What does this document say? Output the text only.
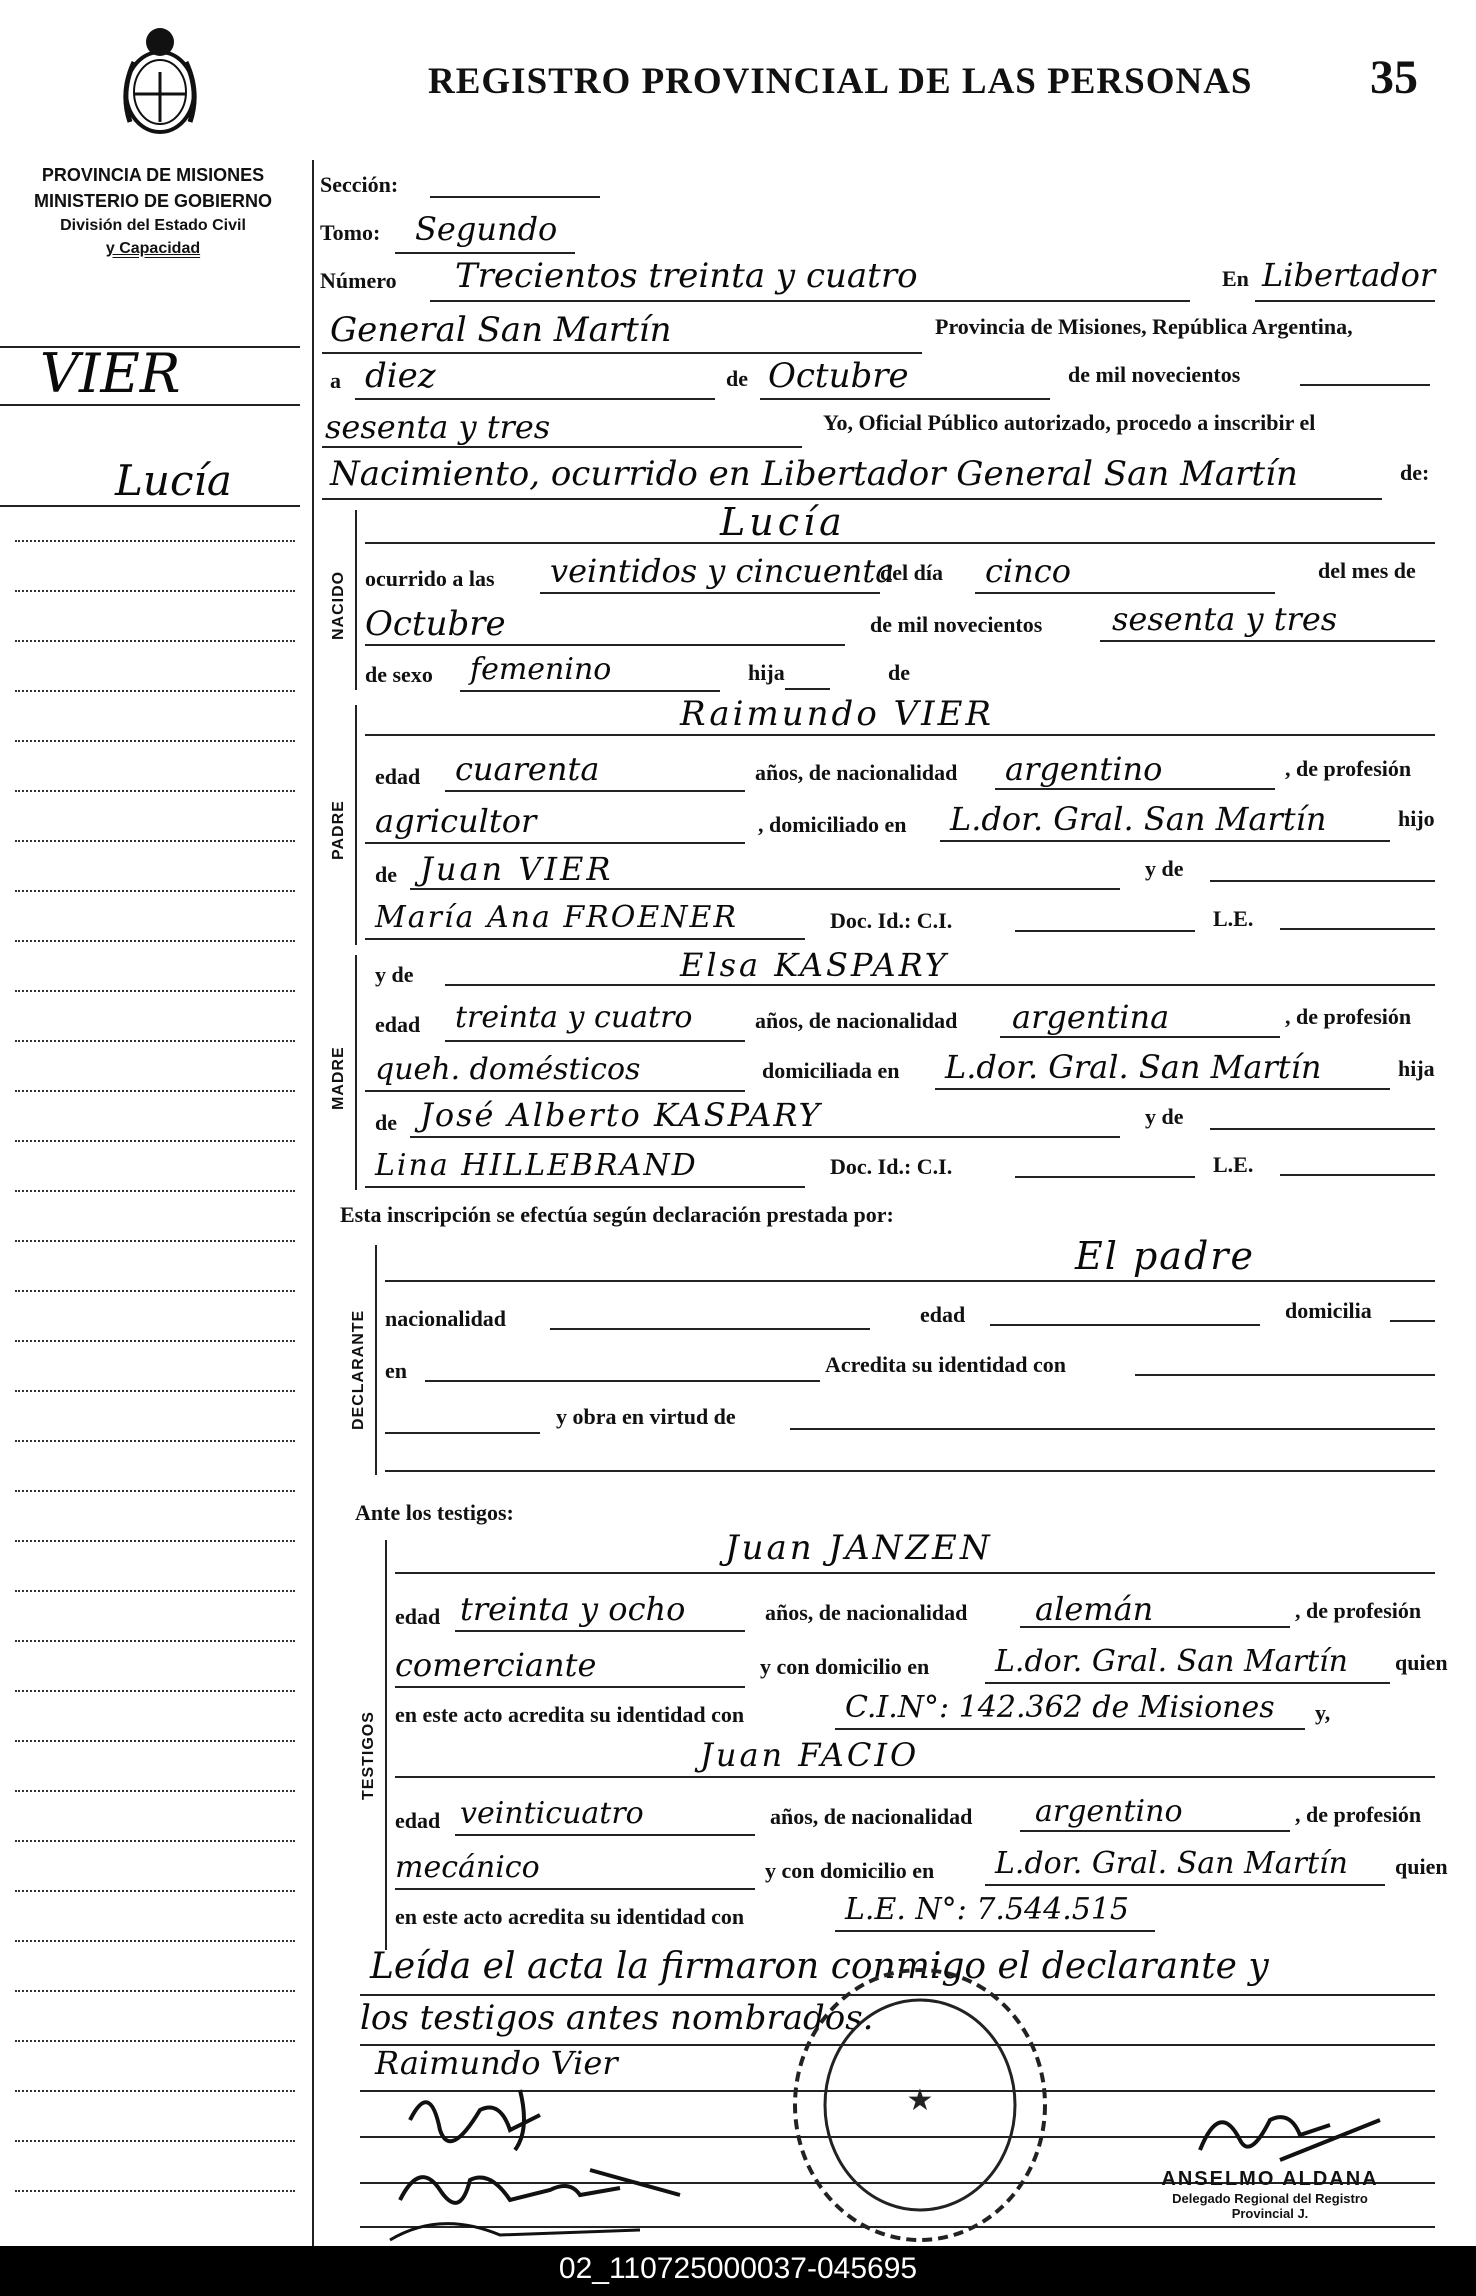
REGISTRO PROVINCIAL DE LAS PERSONAS 35
PROVINCIA DE MISIONES
MINISTERIO DE GOBIERNO
División del Estado Civil
y Capacidad
VIER
Lucía
Sección:
Tomo: Segundo
Número Trecientos treinta y cuatro	En Libertador
General San Martín	Provincia de Misiones, República Argentina,
a diez	de Octubre	de mil novecientos
sesenta y tres	Yo, Oficial Público autorizado, procedo a inscribir el
Nacimiento, ocurrido en Libertador General San Martín	de:
NACIDO
Lucía
ocurrido a las veintidos y cincuenta
del día cinco	del mes de
Octubre	de mil novecientos sesenta y tres
de sexo femenino	hija	de
PADRE
Raimundo VIER
edad cuarenta	años, de nacionalidad argentino	, de profesión
agricultor	, domiciliado en L.dor. Gral. San Martín	hijo
de Juan VIER	y de
María Ana FROENER	Doc. Id.: C.I.	L.E.
MADRE
y de	Elsa KASPARY
edad treinta y cuatro	años, de nacionalidad argentina	, de profesión
queh. domésticos	domiciliada en L.dor. Gral. San Martín	hija
de José Alberto KASPARY	y de
Lina HILLEBRAND	Doc. Id.: C.I.	L.E.
Esta inscripción se efectúa según declaración prestada por:
DECLARANTE
El padre
nacionalidad	edad	domicilia
en	Acredita su identidad con
y obra en virtud de
Ante los testigos:
TESTIGOS
Juan JANZEN
edad treinta y ocho	años, de nacionalidad alemán	, de profesión
comerciante	y con domicilio en L.dor. Gral. San Martín quien
en este acto acredita su identidad con	C.I.N°: 142.362 de Misiones y,
Juan FACIO
edad veinticuatro	años, de nacionalidad argentino	, de profesión
mecánico	y con domicilio en L.dor. Gral. San Martín quien
en este acto acredita su identidad con	L.E. N°: 7.544.515
Leída el acta la firmaron conmigo el declarante y
los testigos antes nombrados.
Raimundo Vier
★
ANSELMO ALDANA
Delegado Regional del Registro
Provincial J.
02_110725000037-045695
